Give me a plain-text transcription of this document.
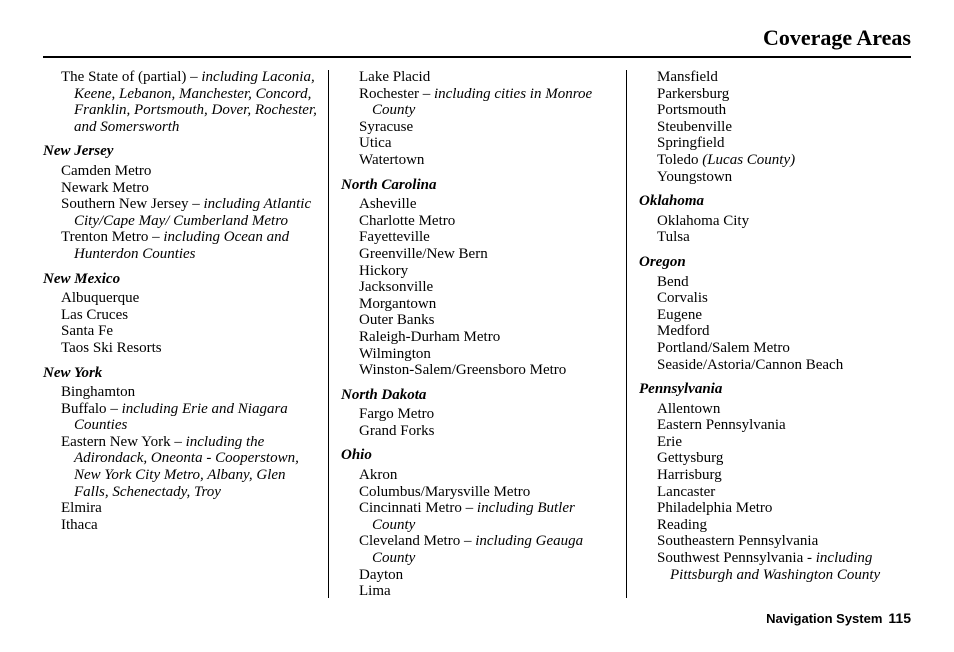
Coverage Areas
The State of (partial) – including Laconia, Keene, Lebanon, Manchester, Concord, Franklin, Portsmouth, Dover, Rochester, and Somersworth
New Jersey
Camden Metro
Newark Metro
Southern New Jersey – including Atlantic City/Cape May/ Cumberland Metro
Trenton Metro – including Ocean and Hunterdon Counties
New Mexico
Albuquerque
Las Cruces
Santa Fe
Taos Ski Resorts
New York
Binghamton
Buffalo – including Erie and Niagara Counties
Eastern New York – including the Adirondack, Oneonta - Cooperstown, New York City Metro, Albany, Glen Falls, Schenectady, Troy
Elmira
Ithaca
Lake Placid
Rochester – including cities in Monroe County
Syracuse
Utica
Watertown
North Carolina
Asheville
Charlotte Metro
Fayetteville
Greenville/New Bern
Hickory
Jacksonville
Morgantown
Outer Banks
Raleigh-Durham Metro
Wilmington
Winston-Salem/Greensboro Metro
North Dakota
Fargo Metro
Grand Forks
Ohio
Akron
Columbus/Marysville Metro
Cincinnati Metro – including Butler County
Cleveland Metro – including Geauga County
Dayton
Lima
Mansfield
Parkersburg
Portsmouth
Steubenville
Springfield
Toledo (Lucas County)
Youngstown
Oklahoma
Oklahoma City
Tulsa
Oregon
Bend
Corvalis
Eugene
Medford
Portland/Salem Metro
Seaside/Astoria/Cannon Beach
Pennsylvania
Allentown
Eastern Pennsylvania
Erie
Gettysburg
Harrisburg
Lancaster
Philadelphia Metro
Reading
Southeastern Pennsylvania
Southwest Pennsylvania - including Pittsburgh and Washington County
Navigation System 115
